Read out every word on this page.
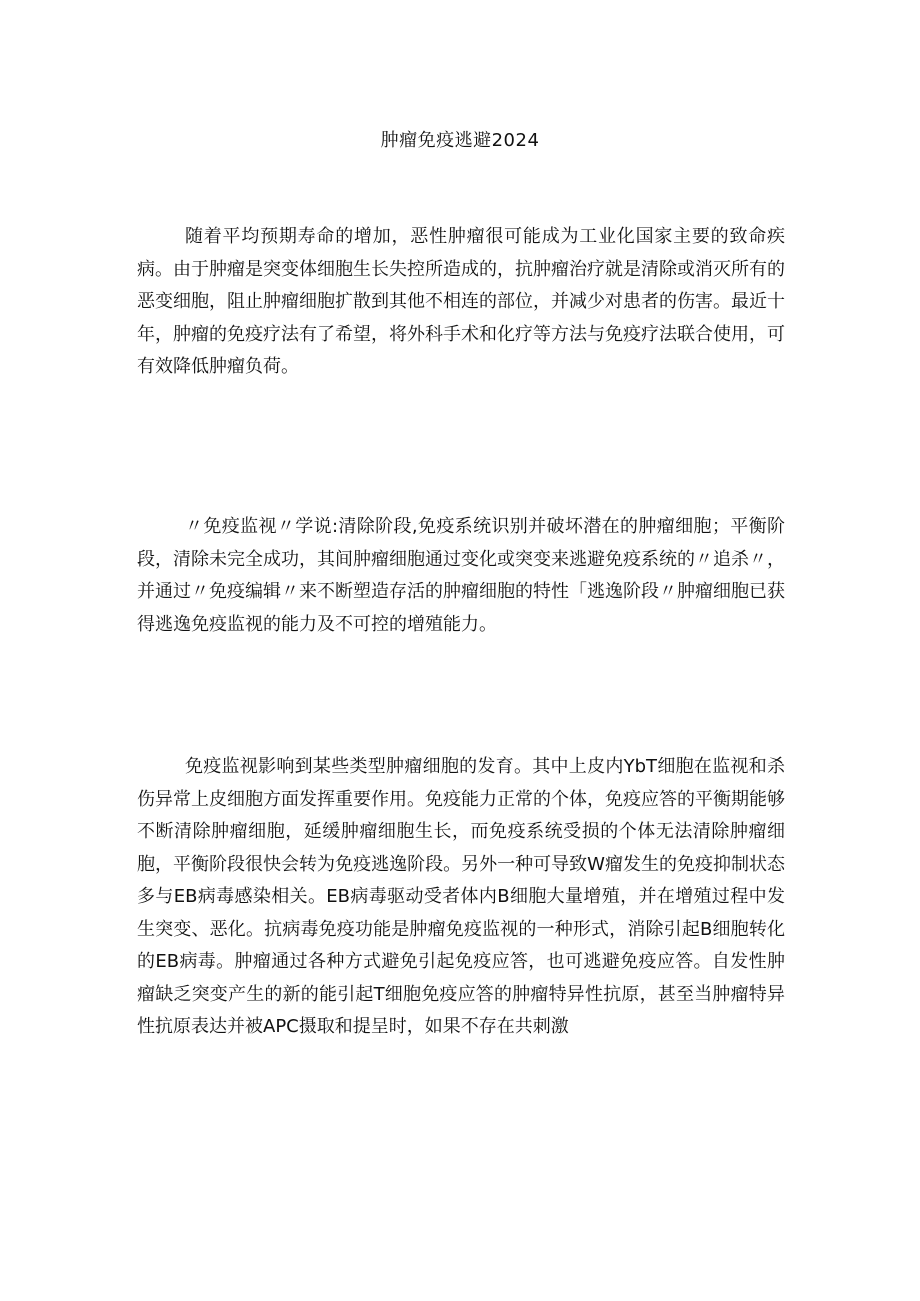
肿瘤免疫逃避2024

随着平均预期寿命的增加，恶性肿瘤很可能成为工业化国家主要的致命疾病。由于肿瘤是突变体细胞生长失控所造成的，抗肿瘤治疗就是清除或消灭所有的恶变细胞，阻止肿瘤细胞扩散到其他不相连的部位，并减少对患者的伤害。最近十年，肿瘤的免疫疗法有了希望，将外科手术和化疗等方法与免疫疗法联合使用，可有效降低肿瘤负荷。

〃免疫监视〃学说:清除阶段,免疫系统识别并破坏潜在的肿瘤细胞；平衡阶段，清除未完全成功，其间肿瘤细胞通过变化或突变来逃避免疫系统的〃追杀〃，并通过〃免疫编辑〃来不断塑造存活的肿瘤细胞的特性「逃逸阶段〃肿瘤细胞已获得逃逸免疫监视的能力及不可控的增殖能力。

免疫监视影响到某些类型肿瘤细胞的发育。其中上皮内YbT细胞在监视和杀伤异常上皮细胞方面发挥重要作用。免疫能力正常的个体，免疫应答的平衡期能够不断清除肿瘤细胞，延缓肿瘤细胞生长，而免疫系统受损的个体无法清除肿瘤细胞，平衡阶段很快会转为免疫逃逸阶段。另外一种可导致W瘤发生的免疫抑制状态多与EB病毒感染相关。EB病毒驱动受者体内B细胞大量增殖，并在增殖过程中发生突变、恶化。抗病毒免疫功能是肿瘤免疫监视的一种形式，消除引起B细胞转化的EB病毒。肿瘤通过各种方式避免引起免疫应答，也可逃避免疫应答。自发性肿瘤缺乏突变产生的新的能引起T细胞免疫应答的肿瘤特异性抗原，甚至当肿瘤特异性抗原表达并被APC摄取和提呈时，如果不存在共刺激
